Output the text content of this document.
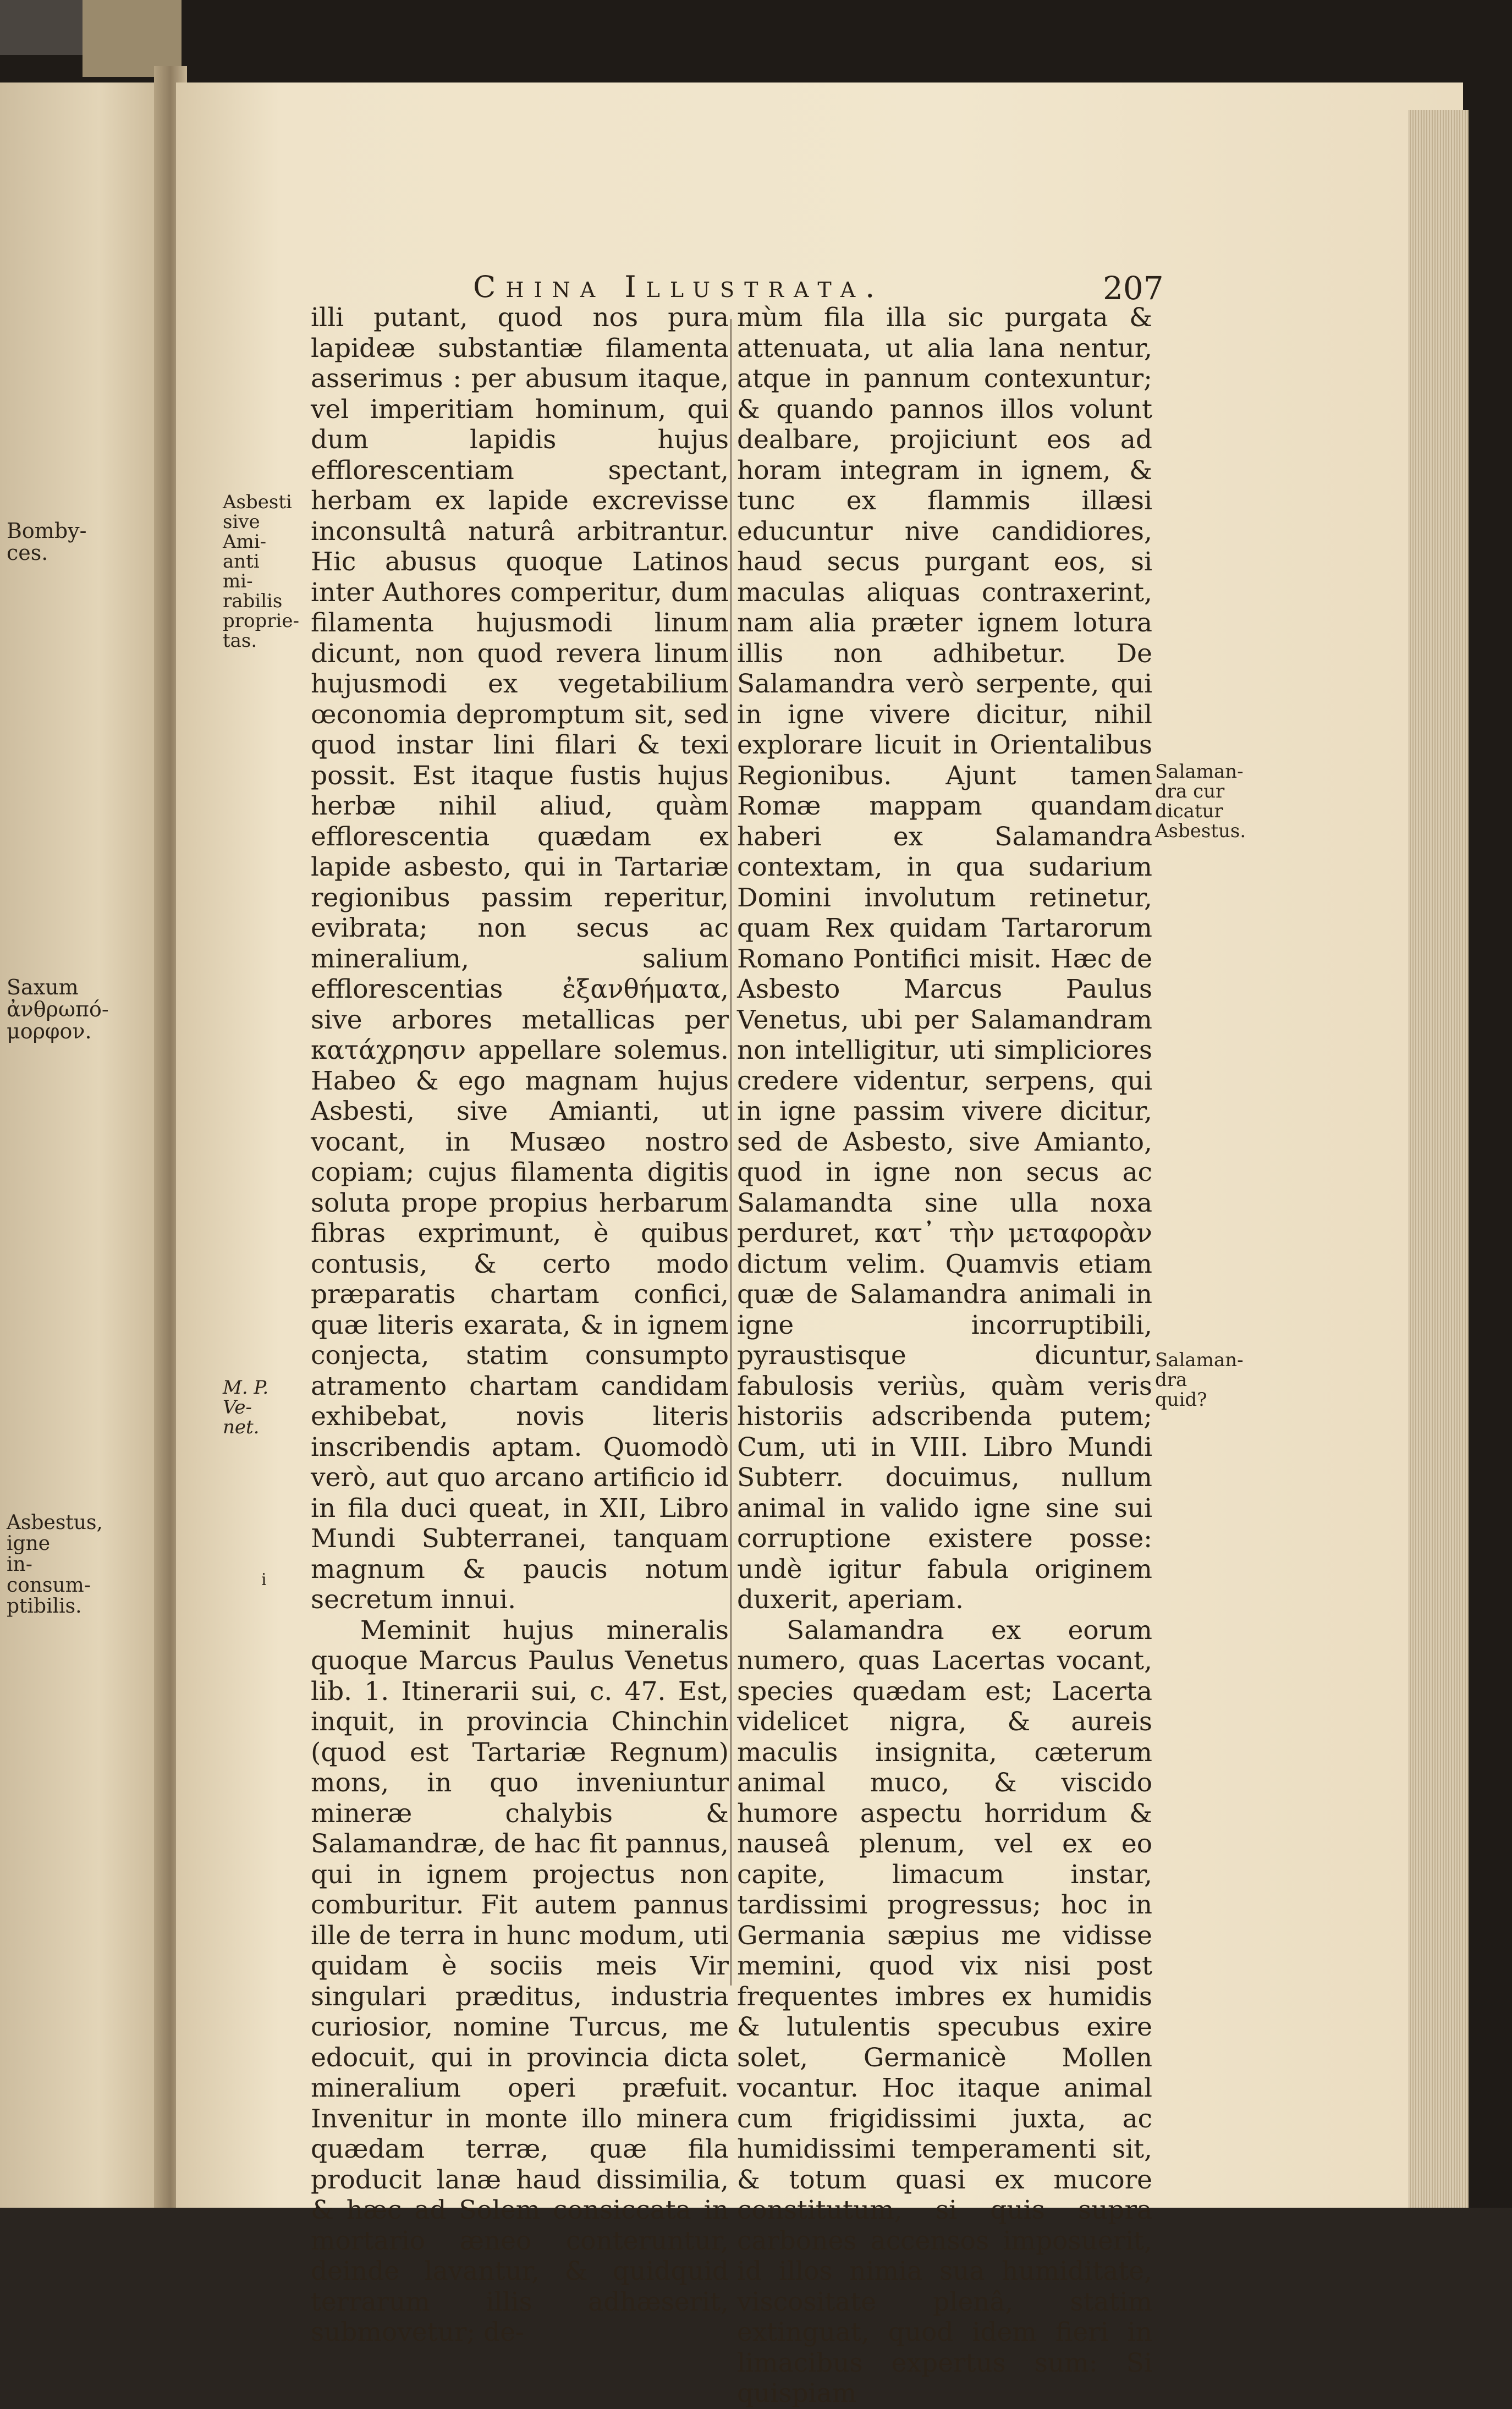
Bomby- ces.
Saxum ἀνθρωπό- μορφον.
Asbestus, igne in- consum- ptibilis.
China Illustrata.	207
Asbesti sive Ami- anti mi- rabilis proprie- tas.
M. P. Ve- net.
ⅰ

illi putant, quod nos pura lapideæ substantiæ filamenta asserimus : per abusum itaque, vel imperitiam hominum, qui dum lapidis hujus efflorescentiam spectant, herbam ex lapide excrevisse inconsultâ naturâ arbitrantur. Hic abusus quoque Latinos inter Authores comperitur, dum filamenta hujusmodi linum dicunt, non quod revera linum hujusmodi ex vegetabilium œconomia depromptum sit, sed quod instar lini filari & texi possit. Est itaque fustis hujus herbæ nihil aliud, quàm efflorescentia quædam ex lapide asbesto, qui in Tartariæ regionibus passim reperitur, evibrata; non secus ac mineralium, salium efflorescentias ἐξανθήματα, sive arbores metallicas per κατάχρησιν appellare solemus. Habeo & ego magnam hujus Asbesti, sive Amianti, ut vocant, in Musæo nostro copiam; cujus filamenta digitis soluta prope propius herbarum fibras exprimunt, è quibus contusis, & certo modo præparatis chartam confici, quæ literis exarata, & in ignem conjecta, statim consumpto atramento chartam candidam exhibebat, novis literis inscribendis aptam. Quomodò verò, aut quo arcano artificio id in fila duci queat, in XII, Libro Mundi Subterranei, tanquam magnum & paucis notum secretum innui.

Meminit hujus mineralis quoque Marcus Paulus Venetus lib. 1. Itinerarii sui, c. 47. Est, inquit, in provincia Chinchin (quod est Tartariæ Regnum) mons, in quo inveniuntur mineræ chalybis & Salamandræ, de hac fit pannus, qui in ignem projectus non comburitur. Fit autem pannus ille de terra in hunc modum, uti quidam è sociis meis Vir singulari præditus, industria curiosior, nomine Turcus, me edocuit, qui in provincia dicta mineralium operi præfuit. Invenitur in monte illo minera quædam terræ, quæ fila producit lanæ haud dissimilia, & hæc ad Solem consiccata in mortario æneo conteruntur, deinde lavantur, & quidquid terrarum illis adhæserit, submovetur; de-

mùm fila illa sic purgata & attenuata, ut alia lana nentur, atque in pannum contexuntur; & quando pannos illos volunt dealbare, projiciunt eos ad horam integram in ignem, & tunc ex flammis illæsi educuntur nive candidiores, haud secus purgant eos, si maculas aliquas contraxerint, nam alia præter ignem lotura illis non adhibetur. De Salamandra verò serpente, qui in igne vivere dicitur, nihil explorare licuit in Orientalibus Regionibus. Ajunt tamen Romæ mappam quandam haberi ex Salamandra contextam, in qua sudarium Domini involutum retinetur, quam Rex quidam Tartarorum Romano Pontifici misit. Hæc de Asbesto Marcus Paulus Venetus, ubi per Salamandram non intelligitur, uti simpliciores credere videntur, serpens, qui in igne passim vivere dicitur, sed de Asbesto, sive Amianto, quod in igne non secus ac Salamandta sine ulla noxa perduret, κατ᾽ τὴν μεταφορὰν dictum velim. Quamvis etiam quæ de Salamandra animali in igne incorruptibili, pyraustisque dicuntur, fabulosis veriùs, quàm veris historiis adscribenda putem; Cum, uti in VIII. Libro Mundi Subterr. docuimus, nullum animal in valido igne sine sui corruptione existere posse: undè igitur fabula originem duxerit, aperiam.

Salamandra ex eorum numero, quas Lacertas vocant, species quædam est; Lacerta videlicet nigra, & aureis maculis insignita, cæterum animal muco, & viscido humore aspectu horridum & nauseâ plenum, vel ex eo capite, limacum instar, tardissimi progressus; hoc in Germania sæpius me vidisse memini, quod vix nisi post frequentes imbres ex humidis & lutulentis specubus exire solet, Germanicè Mollen vocantur. Hoc itaque animal cum frigidissimi juxta, ac humidissimi temperamenti sit, & totum quasi ex mucore constitutum, si quis supra carbones accensos imposuerit, id illos nimia sua humiditate, viscositate plenâ, statim extinguat, quod idem fieri in limacibus expertus sum: Si quispiam

Salaman- dra cur dicatur Asbestus.
Salaman- dra quid?
